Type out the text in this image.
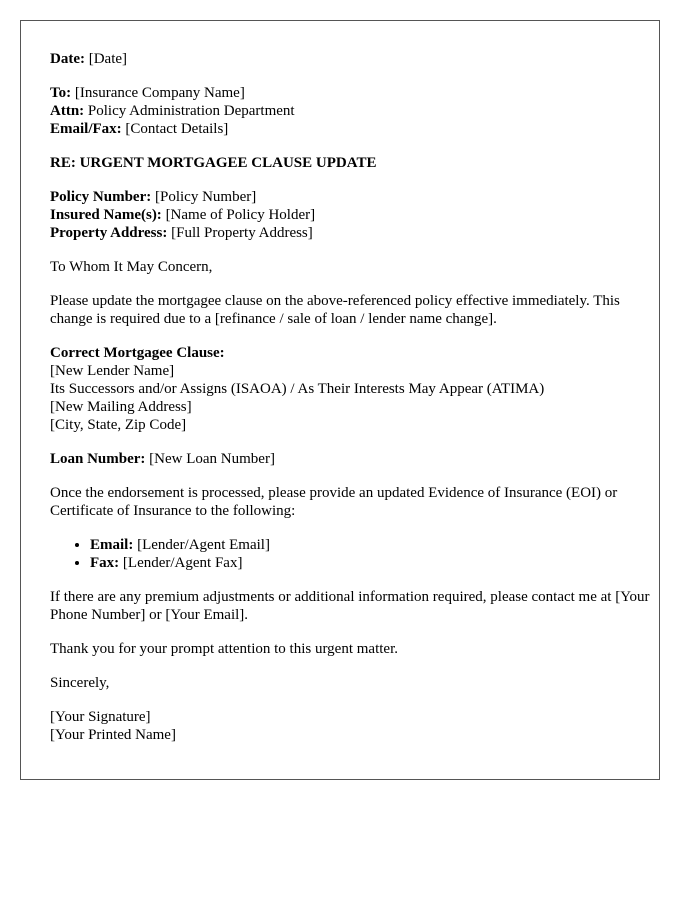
Date: [Date]
To: [Insurance Company Name]
Attn: Policy Administration Department
Email/Fax: [Contact Details]
RE: URGENT MORTGAGEE CLAUSE UPDATE
Policy Number: [Policy Number]
Insured Name(s): [Name of Policy Holder]
Property Address: [Full Property Address]
To Whom It May Concern,
Please update the mortgagee clause on the above-referenced policy effective immediately. This change is required due to a [refinance / sale of loan / lender name change].
Correct Mortgagee Clause:
[New Lender Name]
Its Successors and/or Assigns (ISAOA) / As Their Interests May Appear (ATIMA)
[New Mailing Address]
[City, State, Zip Code]
Loan Number: [New Loan Number]
Once the endorsement is processed, please provide an updated Evidence of Insurance (EOI) or Certificate of Insurance to the following:
• Email: [Lender/Agent Email]
• Fax: [Lender/Agent Fax]
If there are any premium adjustments or additional information required, please contact me at [Your Phone Number] or [Your Email].
Thank you for your prompt attention to this urgent matter.
Sincerely,
[Your Signature]
[Your Printed Name]
